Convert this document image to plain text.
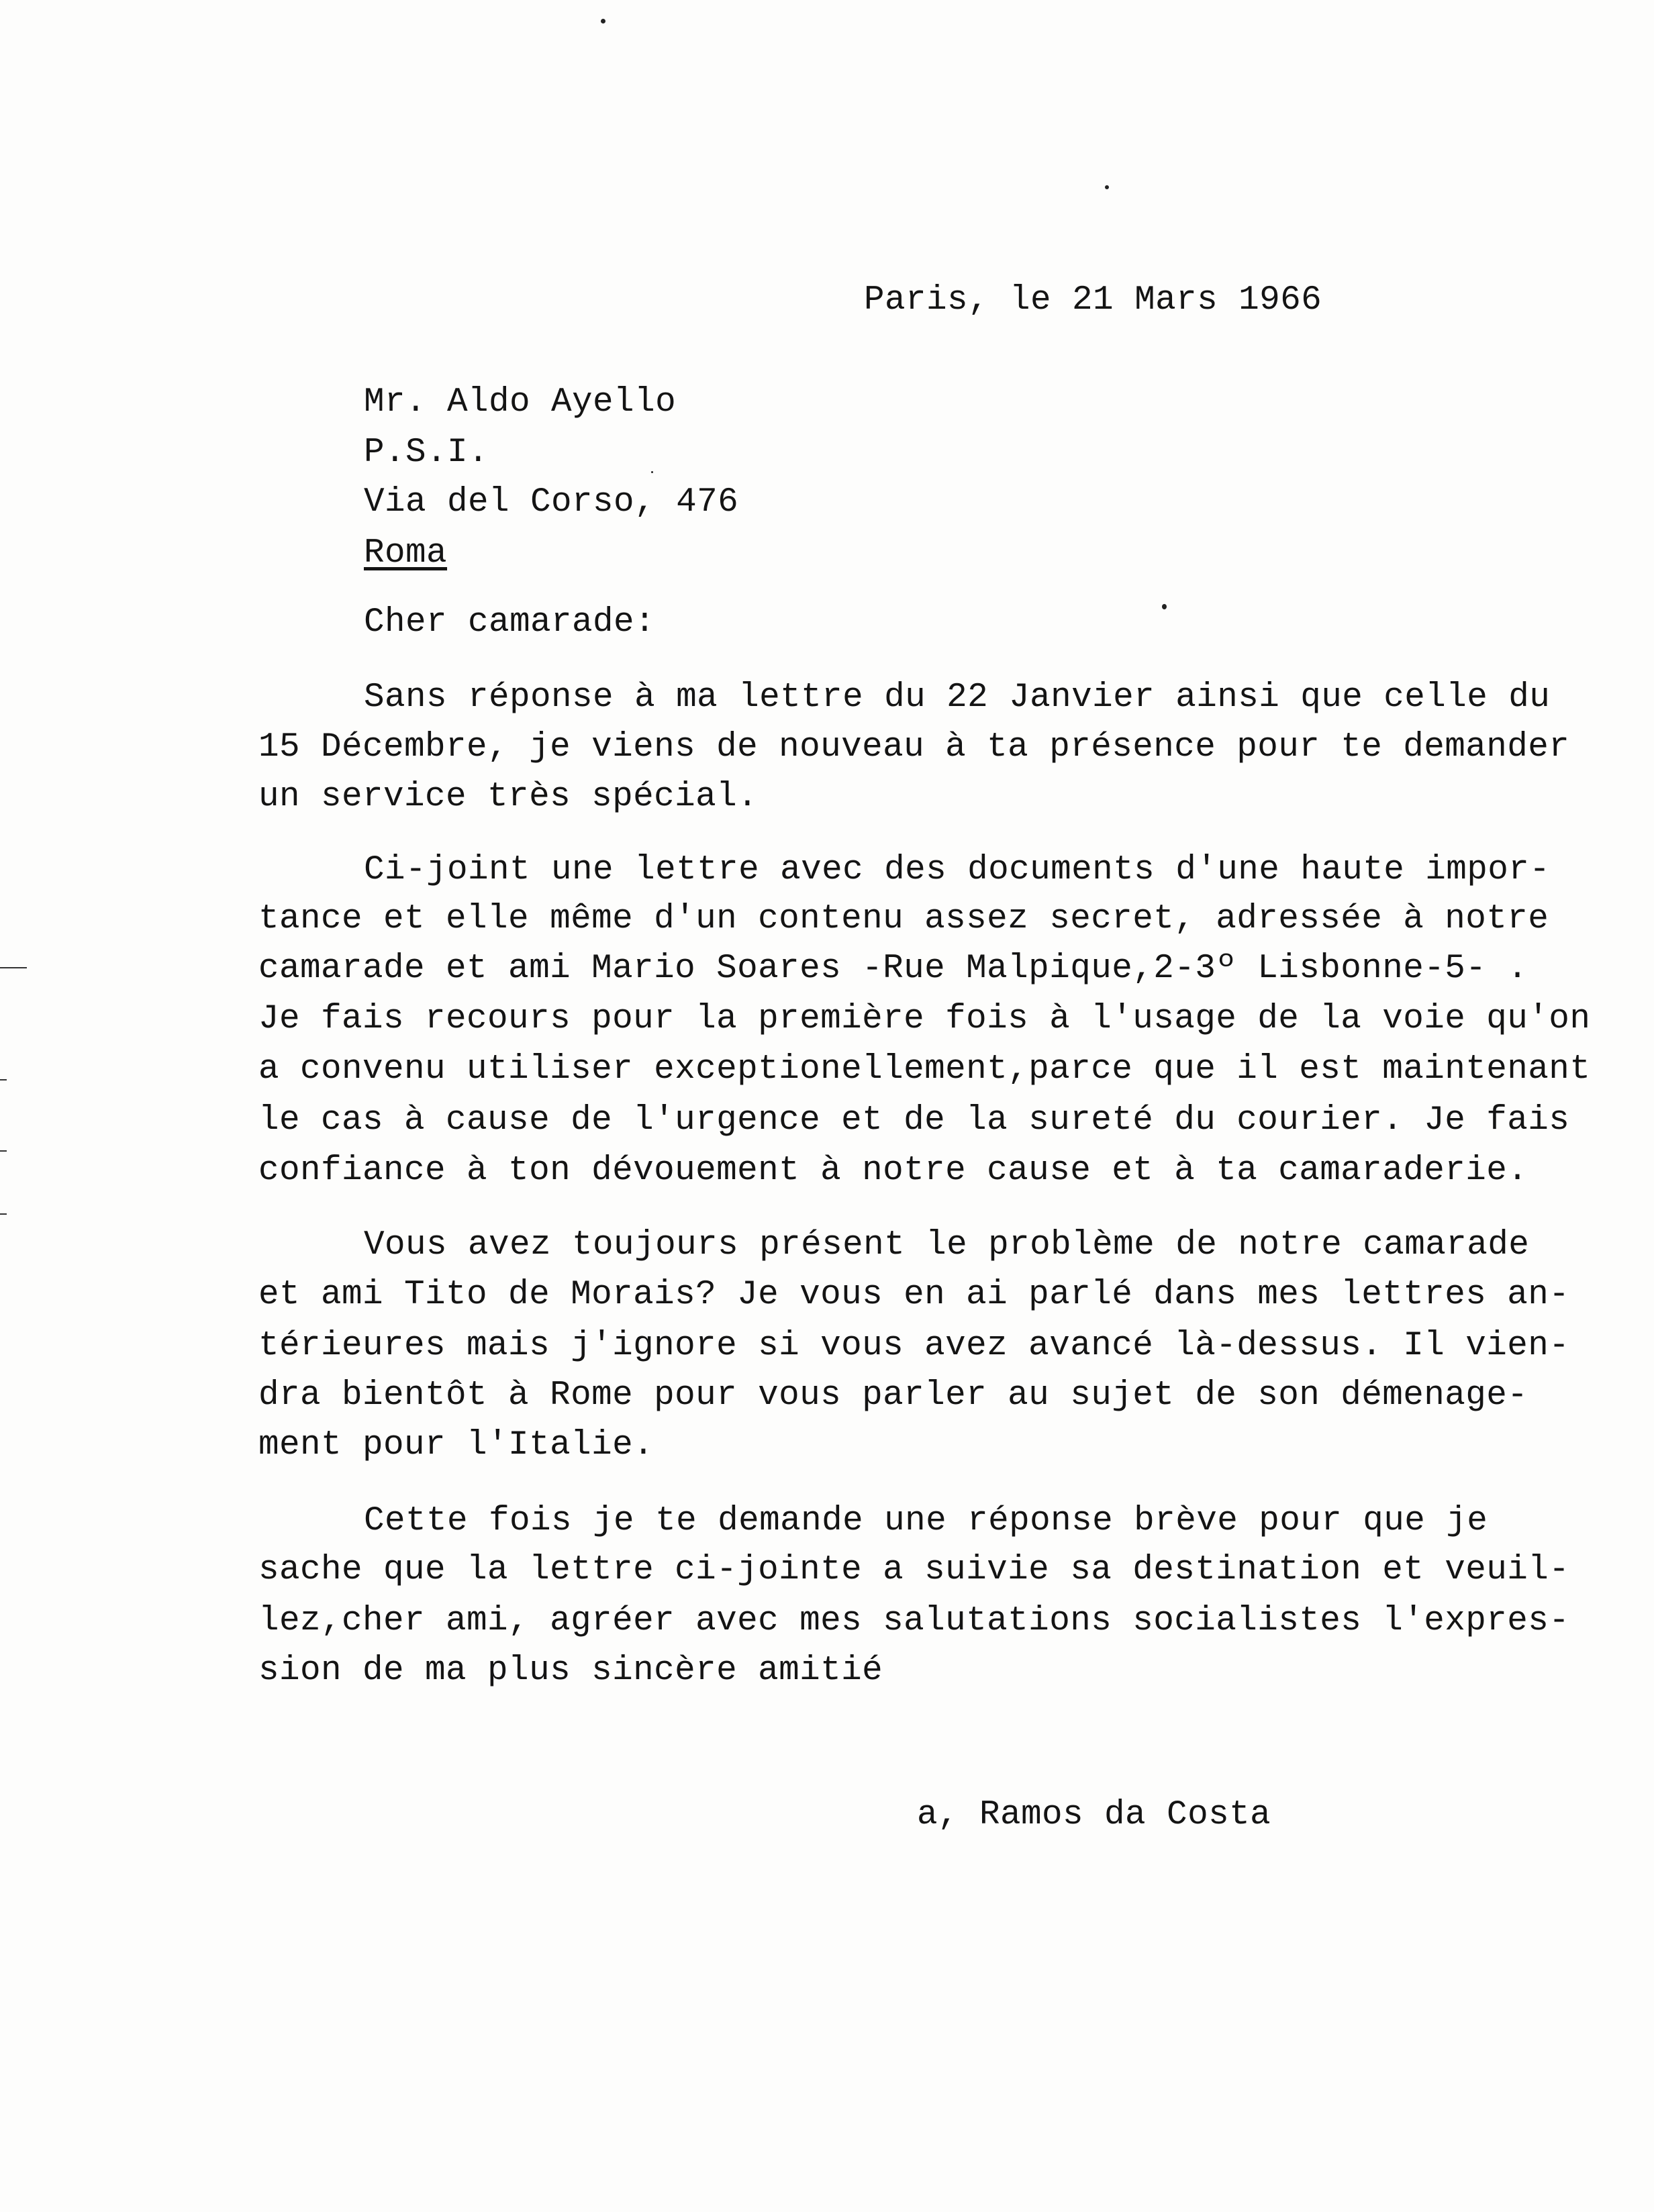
Paris, le 21 Mars 1966
Mr. Aldo Ayello
P.S.I.
Via del Corso, 476
Roma
Cher camarade:
Sans réponse à ma lettre du 22 Janvier ainsi que celle du
15 Décembre, je viens de nouveau à ta présence pour te demander
un service très spécial.
Ci-joint une lettre avec des documents d'une haute impor-
tance et elle même d'un contenu assez secret, adressée à notre
camarade et ami Mario Soares -Rue Malpique,2-3º Lisbonne-5- .
Je fais recours pour la première fois à l'usage de la voie qu'on
a convenu utiliser exceptionellement,parce que il est maintenant
le cas à cause de l'urgence et de la sureté du courier. Je fais
confiance à ton dévouement à notre cause et à ta camaraderie.
Vous avez toujours présent le problème de notre camarade
et ami Tito de Morais? Je vous en ai parlé dans mes lettres an-
térieures mais j'ignore si vous avez avancé là-dessus. Il vien-
dra bientôt à Rome pour vous parler au sujet de son démenage-
ment pour l'Italie.
Cette fois je te demande une réponse brève pour que je
sache que la lettre ci-jointe a suivie sa destination et veuil-
lez,cher ami, agréer avec mes salutations socialistes l'expres-
sion de ma plus sincère amitié
a, Ramos da Costa
